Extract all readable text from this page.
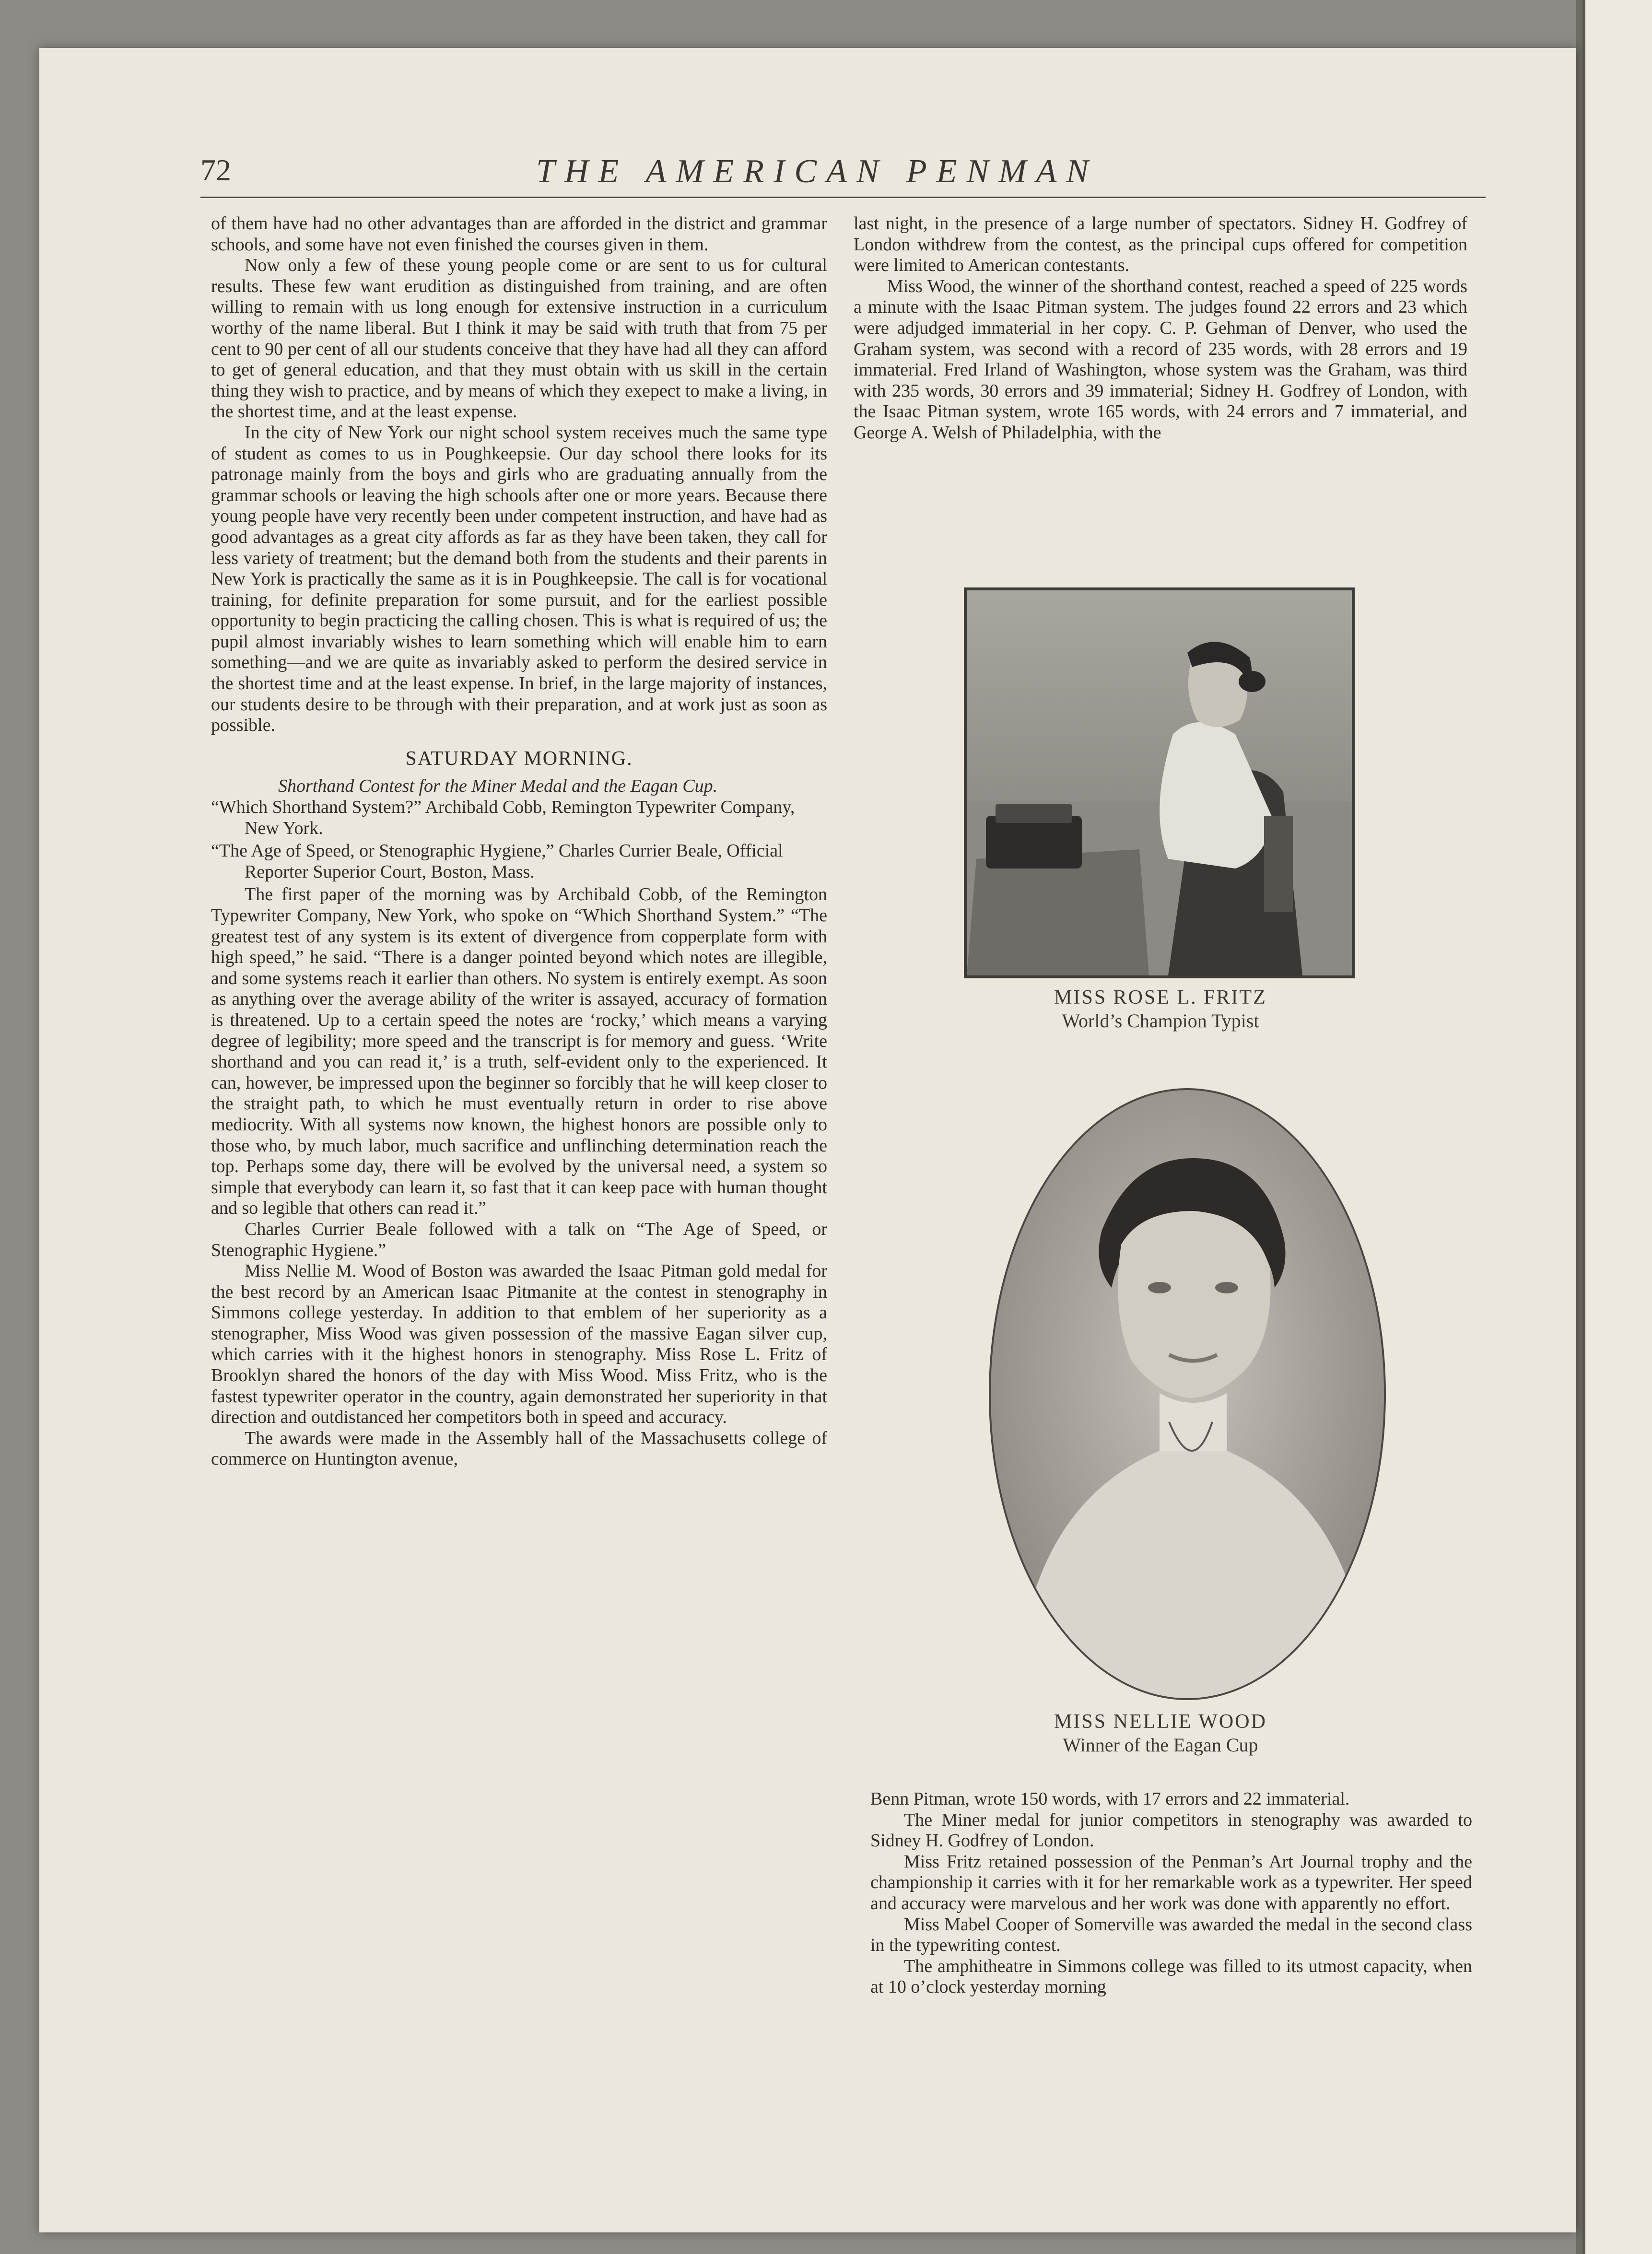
72	THE AMERICAN PENMAN

of them have had no other advantages than are afforded in the district and grammar schools, and some have not even finished the courses given in them.

Now only a few of these young people come or are sent to us for cultural results. These few want erudition as distinguished from training, and are often willing to remain with us long enough for extensive instruction in a curriculum worthy of the name liberal. But I think it may be said with truth that from 75 per cent to 90 per cent of all our students conceive that they have had all they can afford to get of general education, and that they must obtain with us skill in the certain thing they wish to practice, and by means of which they exepect to make a living, in the shortest time, and at the least expense.

In the city of New York our night school system receives much the same type of student as comes to us in Poughkeepsie. Our day school there looks for its patronage mainly from the boys and girls who are graduating annually from the grammar schools or leaving the high schools after one or more years. Because there young people have very recently been under competent instruction, and have had as good advantages as a great city affords as far as they have been taken, they call for less variety of treatment; but the demand both from the students and their parents in New York is practically the same as it is in Poughkeepsie. The call is for vocational training, for definite preparation for some pursuit, and for the earliest possible opportunity to begin practicing the calling chosen. This is what is required of us; the pupil almost invariably wishes to learn something which will enable him to earn something—and we are quite as invariably asked to perform the desired service in the shortest time and at the least expense. In brief, in the large majority of instances, our students desire to be through with their preparation, and at work just as soon as possible.

SATURDAY MORNING.

Shorthand Contest for the Miner Medal and the Eagan Cup.

“Which Shorthand System?” Archibald Cobb, Remington Typewriter Company, New York.

“The Age of Speed, or Stenographic Hygiene,” Charles Currier Beale, Official Reporter Superior Court, Boston, Mass.

The first paper of the morning was by Archibald Cobb, of the Remington Typewriter Company, New York, who spoke on “Which Shorthand System.” “The greatest test of any system is its extent of divergence from copperplate form with high speed,” he said. “There is a danger pointed beyond which notes are illegible, and some systems reach it earlier than others. No system is entirely exempt. As soon as anything over the average ability of the writer is assayed, accuracy of formation is threatened. Up to a certain speed the notes are ‘rocky,’ which means a varying degree of legibility; more speed and the transcript is for memory and guess. ‘Write shorthand and you can read it,’ is a truth, self-evident only to the experienced. It can, however, be impressed upon the beginner so forcibly that he will keep closer to the straight path, to which he must eventually return in order to rise above mediocrity. With all systems now known, the highest honors are possible only to those who, by much labor, much sacrifice and unflinching determination reach the top. Perhaps some day, there will be evolved by the universal need, a system so simple that everybody can learn it, so fast that it can keep pace with human thought and so legible that others can read it.”

Charles Currier Beale followed with a talk on “The Age of Speed, or Stenographic Hygiene.”

Miss Nellie M. Wood of Boston was awarded the Isaac Pitman gold medal for the best record by an American Isaac Pitmanite at the contest in stenography in Simmons college yesterday. In addition to that emblem of her superiority as a stenographer, Miss Wood was given possession of the massive Eagan silver cup, which carries with it the highest honors in stenography. Miss Rose L. Fritz of Brooklyn shared the honors of the day with Miss Wood. Miss Fritz, who is the fastest typewriter operator in the country, again demonstrated her superiority in that direction and outdistanced her competitors both in speed and accuracy.

The awards were made in the Assembly hall of the Massachusetts college of commerce on Huntington avenue,

last night, in the presence of a large number of spectators. Sidney H. Godfrey of London withdrew from the contest, as the principal cups offered for competition were limited to American contestants.

Miss Wood, the winner of the shorthand contest, reached a speed of 225 words a minute with the Isaac Pitman system. The judges found 22 errors and 23 which were adjudged immaterial in her copy. C. P. Gehman of Denver, who used the Graham system, was second with a record of 235 words, with 28 errors and 19 immaterial. Fred Irland of Washington, whose system was the Graham, was third with 235 words, 30 errors and 39 immaterial; Sidney H. Godfrey of London, with the Isaac Pitman system, wrote 165 words, with 24 errors and 7 immaterial, and George A. Welsh of Philadelphia, with the

MISS ROSE L. FRITZ
World’s Champion Typist
MISS NELLIE WOOD
Winner of the Eagan Cup

Benn Pitman, wrote 150 words, with 17 errors and 22 immaterial.

The Miner medal for junior competitors in stenography was awarded to Sidney H. Godfrey of London.

Miss Fritz retained possession of the Penman’s Art Journal trophy and the championship it carries with it for her remarkable work as a typewriter. Her speed and accuracy were marvelous and her work was done with apparently no effort.

Miss Mabel Cooper of Somerville was awarded the medal in the second class in the typewriting contest.

The amphitheatre in Simmons college was filled to its utmost capacity, when at 10 o’clock yesterday morning
